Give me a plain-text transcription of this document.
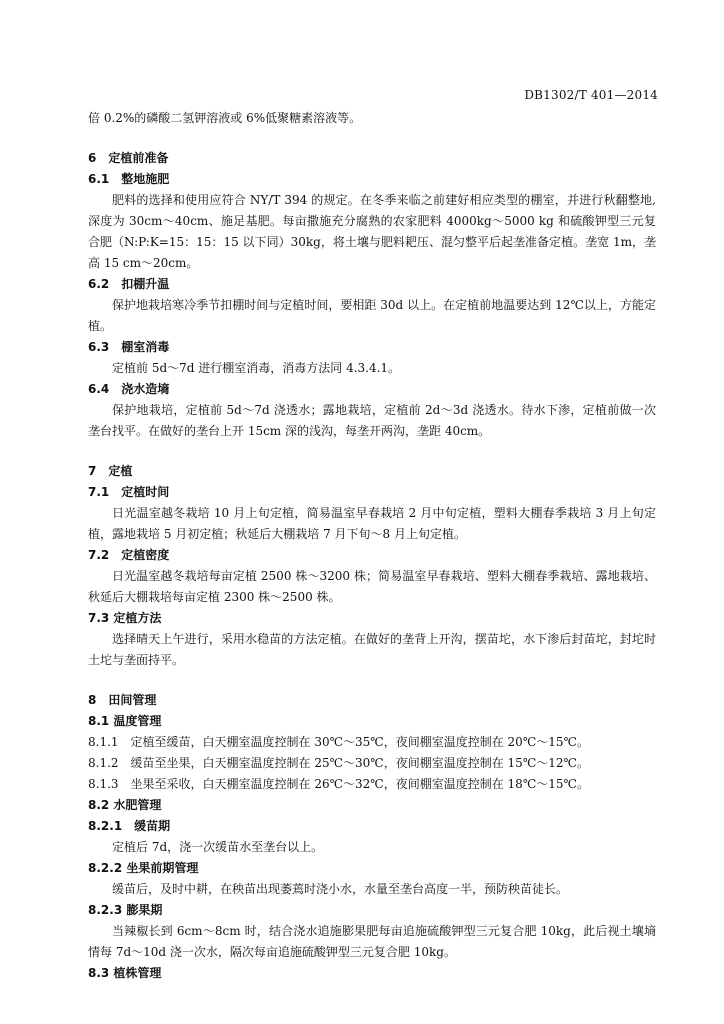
DB1302/T 401—2014

倍 0.2%的磷酸二氢钾溶液或 6%低聚糖素溶液等。

6　定植前准备

6.1　整地施肥

肥料的选择和使用应符合 NY/T 394 的规定。在冬季来临之前建好相应类型的棚室，并进行秋翻整地,深度为 30cm～40cm、施足基肥。每亩撒施充分腐熟的农家肥料 4000kg～5000 kg 和硫酸钾型三元复合肥（N:P:K=15：15：15 以下同）30kg，将土壤与肥料耙压、混匀整平后起垄准备定植。垄宽 1m，垄高 15 cm～20cm。

6.2　扣棚升温

保护地栽培寒冷季节扣棚时间与定植时间，要相距 30d 以上。在定植前地温要达到 12℃以上，方能定植。

6.3　棚室消毒

定植前 5d～7d 进行棚室消毒，消毒方法同 4.3.4.1。

6.4　浇水造墒

保护地栽培，定植前 5d～7d 浇透水；露地栽培，定植前 2d～3d 浇透水。待水下渗，定植前做一次垄台找平。在做好的垄台上开 15cm 深的浅沟，每垄开两沟，垄距 40cm。

7　定植

7.1　定植时间

日光温室越冬栽培 10 月上旬定植，简易温室早春栽培 2 月中旬定植，塑料大棚春季栽培 3 月上旬定植，露地栽培 5 月初定植；秋延后大棚栽培 7 月下旬～8 月上旬定植。

7.2　定植密度

日光温室越冬栽培每亩定植 2500 株～3200 株；简易温室早春栽培、塑料大棚春季栽培、露地栽培、秋延后大棚栽培每亩定植 2300 株～2500 株。

7.3 定植方法

选择晴天上午进行，采用水稳苗的方法定植。在做好的垄背上开沟，摆苗坨，水下渗后封苗坨，封坨时土坨与垄面持平。

8　田间管理

8.1 温度管理

8.1.1　定植至缓苗，白天棚室温度控制在 30℃～35℃，夜间棚室温度控制在 20℃～15℃。

8.1.2　缓苗至坐果，白天棚室温度控制在 25℃～30℃，夜间棚室温度控制在 15℃～12℃。

8.1.3　坐果至采收，白天棚室温度控制在 26℃～32℃，夜间棚室温度控制在 18℃～15℃。

8.2 水肥管理

8.2.1　缓苗期

定植后 7d，浇一次缓苗水至垄台以上。

8.2.2 坐果前期管理

缓苗后，及时中耕，在秧苗出现萎蔫时浇小水，水量至垄台高度一半，预防秧苗徒长。

8.2.3 膨果期

当辣椒长到 6cm～8cm 时，结合浇水追施膨果肥每亩追施硫酸钾型三元复合肥 10kg，此后视土壤墒情每 7d～10d 浇一次水，隔次每亩追施硫酸钾型三元复合肥 10kg。

8.3 植株管理
